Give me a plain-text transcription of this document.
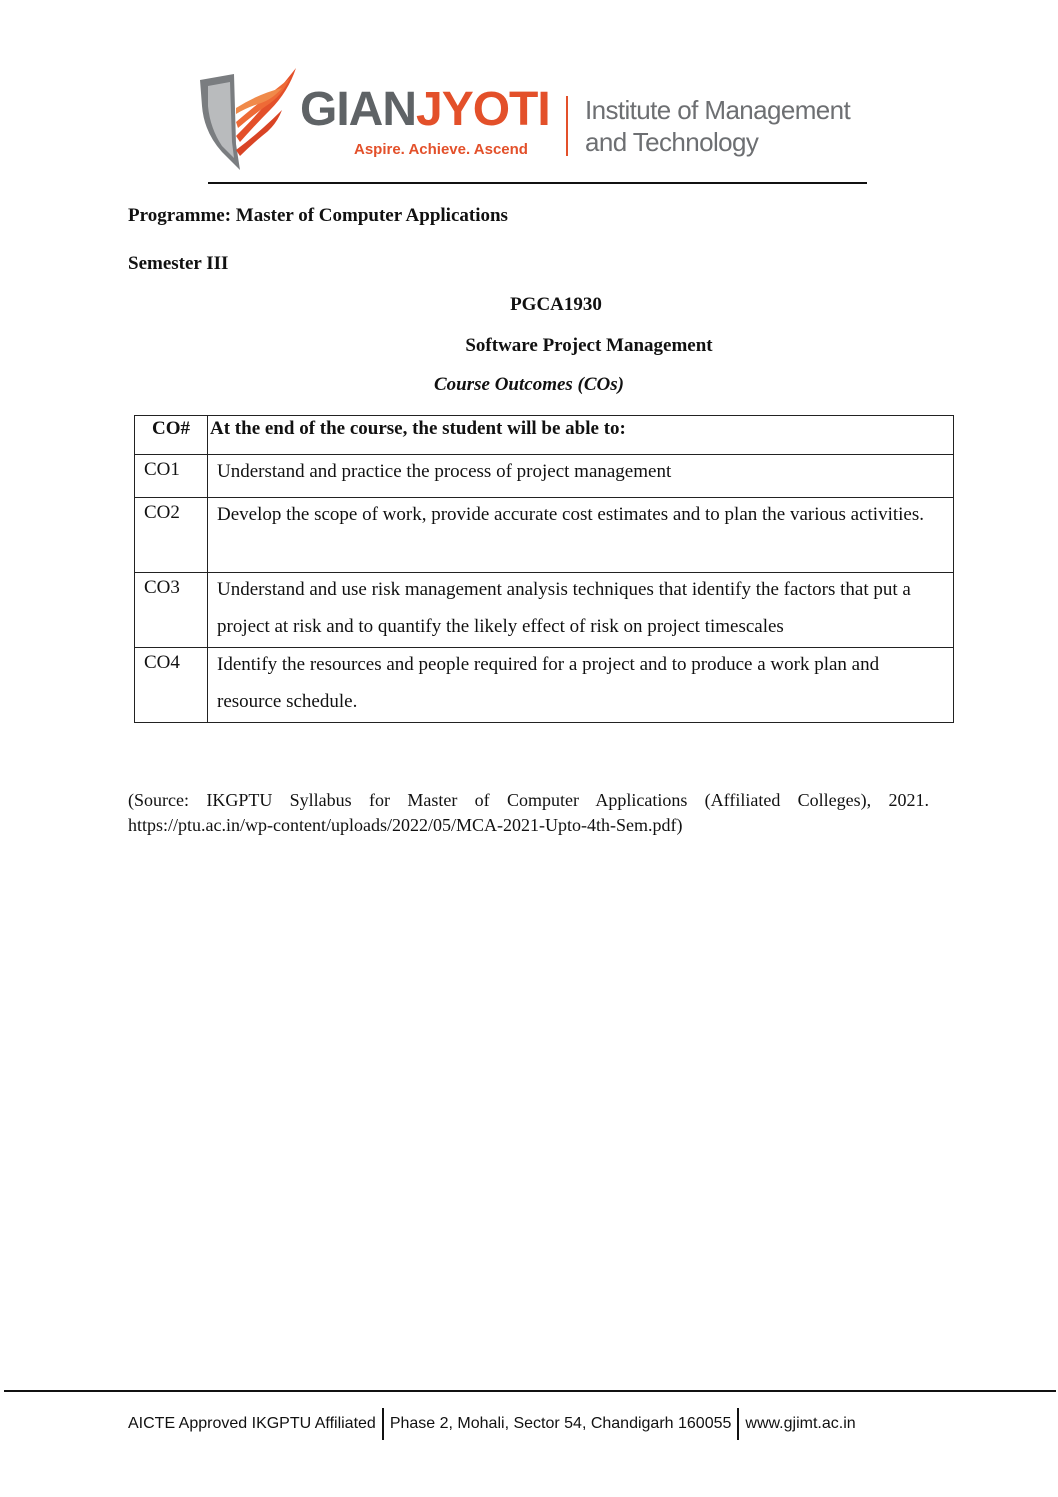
GIANJYOTI
Aspire. Achieve. Ascend
Institute of Management
and Technology
Programme: Master of Computer Applications
Semester III
PGCA1930
Software Project Management
Course Outcomes (COs)
CO#	At the end of the course, the student will be able to:
CO1	Understand and practice the process of project management

CO2	Develop the scope of work, provide accurate cost estimates and to plan the various activities.

CO3	Understand and use risk management analysis techniques that identify the factors that put a project at risk and to quantify the likely effect of risk on project timescales

CO4	Identify the resources and people required for a project and to produce a work plan and resource schedule.
(Source: IKGPTU Syllabus for Master of Computer Applications (Affiliated Colleges), 2021. https://ptu.ac.in/wp-content/uploads/2022/05/MCA-2021-Upto-4th-Sem.pdf)
AICTE Approved IKGPTU Affiliated Phase 2, Mohali, Sector 54, Chandigarh 160055 www.gjimt.ac.in
